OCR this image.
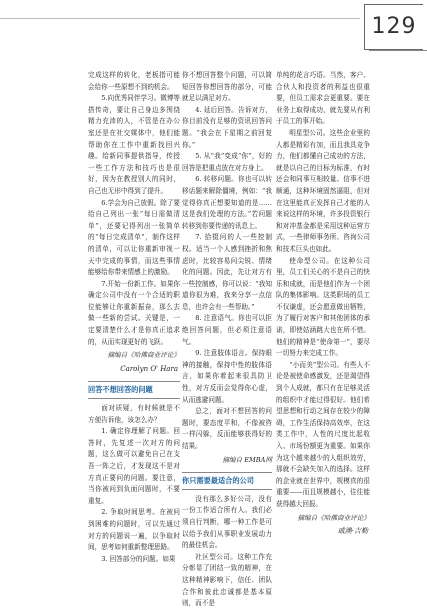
129

完成这样的转化，老板指可能会给你一些原想不到的机会。

5.向优秀同伴学习。微博等搭传奇，要让自己身边多围绕精力充沛的人，不管是在办公室还是在社交媒体中，他们能帮助你在工作中重新找回兴趣。给新同事提供指导，传授一些工作方法和技巧也是很好，因为在教授别人的同时，自己也无形中得到了提升。

6.学会为自己放假。除了要给自己列出一张“每日需做清单”，还要记得列出一张简单的“每日完成清单”，制作这样的清单，可以让你重新审视一天中完成的事情，而这些事情能够给你带来情感上的激励。

7.开始一份新工作。如果你确定公司中没有一个合适的职位能够让你重新振奋，那么去做一些新的尝试。关键是，一定要清楚什么才是你真正追求的，从而实现更好的飞跃。

摘编自《哈佛商业评论》
Carolyn O' Hara
回答不想回答的问题

面对质疑，有时候就是不方便告诉他，该怎么办？

1. 确定你理解了问题。回答时，先复述一次对方的问题，这么做可以避免自己在支吾一阵之后，才发现这不是对方真正要问的问题。要注意，当你被问到负面问题时，不要重复。

2. 争取时间思考。在被问到困难的问题时，可以先通过对方的问题说一遍，以争取时间，思考如何重新整理思路。

3. 回答部分的问题。如果

你不想回答整个问题，可以简短回答你想回答的部分，可能就足以满足对方。

4. 延后回答。告诉对方，你目前没有足够的资讯回答问题。“我会在下星期之前回复你。”

5. 从“我”变成“你”，好的回答是把重点放在对方身上。

6. 转移问题。你也可以转移话题来解除僵境，例如：“我觉得你真正想要知道的是……这是我们处理的方法。”若问题转移到你要传递的讯息上。

7. 拾掇问的人一些控制权。适当一个人感到挫折和焦虑时，比较容易问尖锐、情绪化的问题。因此，先让对方有一些控制感，你可以说：“我知道你很为难，我来分享一点信息，也许会有一些帮助。”

8. 注意语气。你也可以拒绝回答问题，但必须注意语气。

9. 注意肢体语言。保持眼神的接触，保持中性的肢体语言，如果你着起来很具防卫性，对方反而会觉得你心虚，从而逃避问题。

总之，面对不想回答的问题时，要态度平和，不像被咨一样闪躲，反而能够获得好的结果。

摘编自 EMBA网
你只需要最适合的公司

没有那么多好公司，没有一份工作适合所有人。我们必须自行判断，哪一种工作是可以给予我们从事职业发展动力的最佳机会。

社区型公司。这种工作充分彰显了团结一致的精神，在这种精神影响下，信任、团队合作和彼此忠诚都是基本原则，而不是

单纯的花言巧语。当然，客户、合伙人和投资者的利益也很重要，但员工需求会更重要。要在业务上取得成功，就先要从有利于员工的事开始。

明星型公司。这些企业里的人都是精彩有加，而且我具竞争力，他们都懂自己成功的方法，就是以自己的目标为标准，有时还会和同事互相较量。信事不进顺通，这种环境固然逼阻，但对在这里能真正发挥自己才能的人来说这样的环境，许多投资银行和对冲基金都是采用这种运营方式，一些律师事务所、咨询公司和技术巨头也如此。

使命型公司。在这种公司里，员工们关心的不是自己的快乐和成就，而是他们作为一个团队的集体影响。这类职场的员工不仅谦虚，还会愿意做出牺牲，为了履行对客户和其他团体的承诺，即使姑涵跳大也在所不惜。他们的精神是“使命第一”，要尽一切努力来完成工作。

“小而美”型公司。有些人不论是被使命感激发，还是渴望得到个人成就，都只有在足够灵活的组织中才能过得很好。他们希望思想和行动之间存在较少的障碍，工作生活保持高效率，在这类工作中，人性的尺度比起收入、市场份额更为重要。如果你为这个越来越少的人组织效劳，那就不会缺失加入的选择。这样的企业就在世界中，规模真的很重要——而且规模越小，往往能获得越大回报。

摘编自《哈佛商业评论》
戚澳·吉勒
